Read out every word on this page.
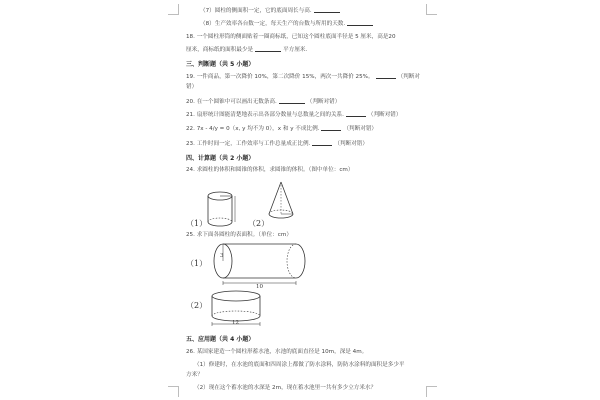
（7）圆柱的侧面积一定，它的底面周长与高.
（8）生产效率各台数一定，每天生产的台数与所用的天数.
18. 一个圆柱形筒的侧面贴着一圈商标纸，已知这个圆柱底面半径是 5 厘米，高是20
厘米，商标纸的面积最少是	平方厘米.
三、判断题（共 5 小题）
19. 一件商品，第一次降价 10%，第二次降价 15%，两次一共降价 25%。	（判断对
错）
20. 在一个圆锥中可以画出无数条高.	（判断对错）
21. 扇形统计图能清楚地表示出各部分数量与总数量之间的关系.	（判断对错）
22. 7x - 4/y = 0（x, y 均不为 0），x 和 y 不成比例.	（判断对错）
23. 工作时间一定，工作效率与工作总量成正比例.	（判断对错）
四、计算题（共 2 小题）
24. 求圆柱的体积和圆锥的体积，求圆锥的体积。（图中单位：cm）
（1）	（2）
25. 求下面各圆柱的表面积。（单位：cm）
（1）
3
10
（2）
12
五、应用题（共 4 小题）
26. 某国家建造一个圆柱形蓄水池，水池的底面直径是 10m，深是 4m。
（1）修建时，在水池的底面和四周涂上都做了防水涂料，防防水涂料的面积是多少平
方米？
（2）现在这个蓄水池的水深是 2m，现在蓄水池里一共有多少立方米水？
